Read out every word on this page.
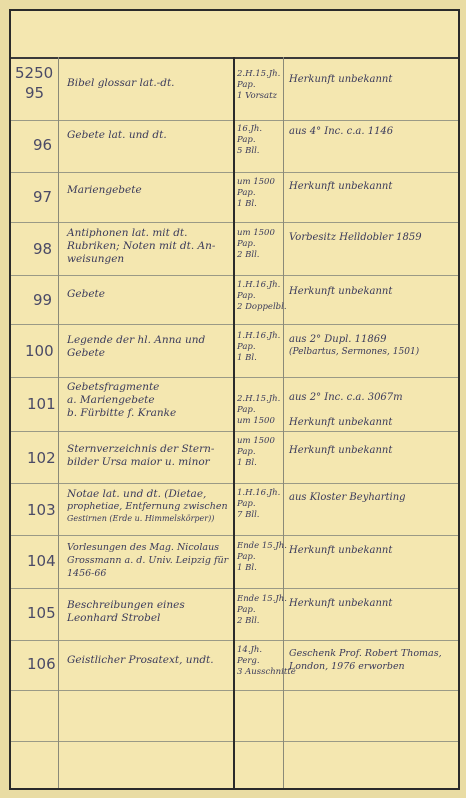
5250
95
Bibel glossar lat.-dt.
2.H.15.Jh.
Pap.
1 Vorsatz
Herkunft unbekannt
96
Gebete lat. und dt.	16.Jh.
Pap.
5 Bll.
aus 4° Inc. c.a. 1146
97 Mariengebete
um 1500
Pap.
1 Bl.
Herkunft unbekannt
98
Antiphonen lat. mit dt.
Rubriken; Noten mit dt. An-
weisungen
um 1500
Pap.
2 Bll.
Vorbesitz Helldobler 1859
99 Gebete
1.H.16.Jh.
Pap.
2 Doppelbl.
Herkunft unbekannt
100
Legende der hl. Anna und
Gebete
1.H.16.Jh.
Pap.
1 Bl.
aus 2° Dupl. 11869
(Pelbartus, Sermones, 1501)
101
Gebetsfragmente
a. Mariengebete
b. Fürbitte f. Kranke
2.H.15.Jh.
Pap.
um 1500
aus 2° Inc. c.a. 3067m
Herkunft unbekannt
102 Sternverzeichnis der Stern-
bilder Ursa maior u. minor
um 1500
Pap.
1 Bl.
Herkunft unbekannt
103
Notae lat. und dt. (Dietae,
prophetiae, Entfernung zwischen
Gestirnen (Erde u. Himmelskörper))
1.H.16.Jh.
Pap.
7 Bll.
aus Kloster Beyharting
104
Vorlesungen des Mag. Nicolaus
Grossmann a. d. Univ. Leipzig für
1456-66
Ende 15.Jh.
Pap.
1 Bl.
Herkunft unbekannt
105 Beschreibungen eines
Leonhard Strobel
Ende 15.Jh.
Pap.
2 Bll.
Herkunft unbekannt
106 Geistlicher Prosatext, undt.
14.Jh.
Perg.
3 Ausschnitte
Geschenk Prof. Robert Thomas,
London, 1976 erworben
